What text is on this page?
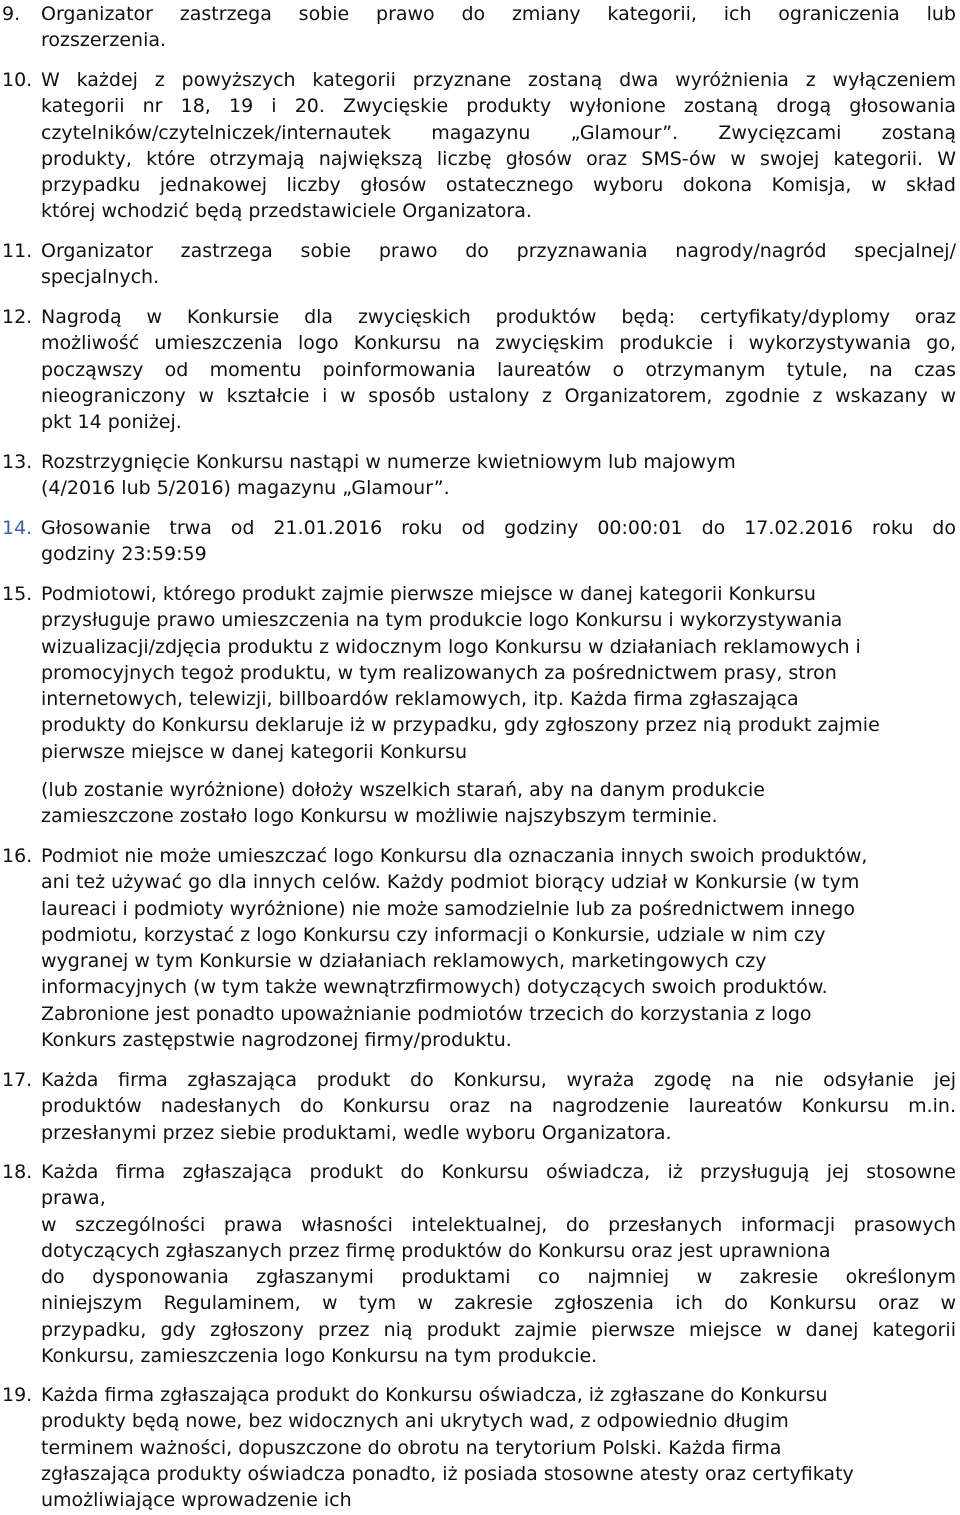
9. Organizator zastrzega sobie prawo do zmiany kategorii, ich ograniczenia lub
rozszerzenia.
10. W każdej z powyższych kategorii przyznane zostaną dwa wyróżnienia z wyłączeniem
kategorii nr 18, 19 i 20. Zwycięskie produkty wyłonione zostaną drogą głosowania
czytelników/czytelniczek/internautek magazynu „Glamour”. Zwycięzcami zostaną
produkty, które otrzymają największą liczbę głosów oraz SMS-ów w swojej kategorii. W
przypadku jednakowej liczby głosów ostatecznego wyboru dokona Komisja, w skład
której wchodzić będą przedstawiciele Organizatora.
11. Organizator zastrzega sobie prawo do przyznawania nagrody/nagród specjalnej/
specjalnych.
12. Nagrodą w Konkursie dla zwycięskich produktów będą: certyfikaty/dyplomy oraz
możliwość umieszczenia logo Konkursu na zwycięskim produkcie i wykorzystywania go,
począwszy od momentu poinformowania laureatów o otrzymanym tytule, na czas
nieograniczony w kształcie i w sposób ustalony z Organizatorem, zgodnie z wskazany w
pkt 14 poniżej.
13. Rozstrzygnięcie Konkursu nastąpi w numerze kwietniowym lub majowym
(4/2016 lub 5/2016) magazynu „Glamour”.
14. Głosowanie trwa od 21.01.2016 roku od godziny 00:00:01 do 17.02.2016 roku do
godziny 23:59:59
15. Podmiotowi, którego produkt zajmie pierwsze miejsce w danej kategorii Konkursu
przysługuje prawo umieszczenia na tym produkcie logo Konkursu i wykorzystywania
wizualizacji/zdjęcia produktu z widocznym logo Konkursu w działaniach reklamowych i
promocyjnych tegoż produktu, w tym realizowanych za pośrednictwem prasy, stron
internetowych, telewizji, billboardów reklamowych, itp. Każda firma zgłaszająca
produkty do Konkursu deklaruje iż w przypadku, gdy zgłoszony przez nią produkt zajmie
pierwsze miejsce w danej kategorii Konkursu
(lub zostanie wyróżnione) dołoży wszelkich starań, aby na danym produkcie
zamieszczone zostało logo Konkursu w możliwie najszybszym terminie.
16. Podmiot nie może umieszczać logo Konkursu dla oznaczania innych swoich produktów,
ani też używać go dla innych celów. Każdy podmiot biorący udział w Konkursie (w tym
laureaci i podmioty wyróżnione) nie może samodzielnie lub za pośrednictwem innego
podmiotu, korzystać z logo Konkursu czy informacji o Konkursie, udziale w nim czy
wygranej w tym Konkursie w działaniach reklamowych, marketingowych czy
informacyjnych (w tym także wewnątrzfirmowych) dotyczących swoich produktów.
Zabronione jest ponadto upoważnianie podmiotów trzecich do korzystania z logo
Konkurs zastępstwie nagrodzonej firmy/produktu.
17. Każda firma zgłaszająca produkt do Konkursu, wyraża zgodę na nie odsyłanie jej
produktów nadesłanych do Konkursu oraz na nagrodzenie laureatów Konkursu m.in.
przesłanymi przez siebie produktami, wedle wyboru Organizatora.
18. Każda firma zgłaszająca produkt do Konkursu oświadcza, iż przysługują jej stosowne
prawa,
w szczególności prawa własności intelektualnej, do przesłanych informacji prasowych
dotyczących zgłaszanych przez firmę produktów do Konkursu oraz jest uprawniona
do dysponowania zgłaszanymi produktami co najmniej w zakresie określonym
niniejszym Regulaminem, w tym w zakresie zgłoszenia ich do Konkursu oraz w
przypadku, gdy zgłoszony przez nią produkt zajmie pierwsze miejsce w danej kategorii
Konkursu, zamieszczenia logo Konkursu na tym produkcie.
19. Każda firma zgłaszająca produkt do Konkursu oświadcza, iż zgłaszane do Konkursu
produkty będą nowe, bez widocznych ani ukrytych wad, z odpowiednio długim
terminem ważności, dopuszczone do obrotu na terytorium Polski. Każda firma
zgłaszająca produkty oświadcza ponadto, iż posiada stosowne atesty oraz certyfikaty
umożliwiające wprowadzenie ich
